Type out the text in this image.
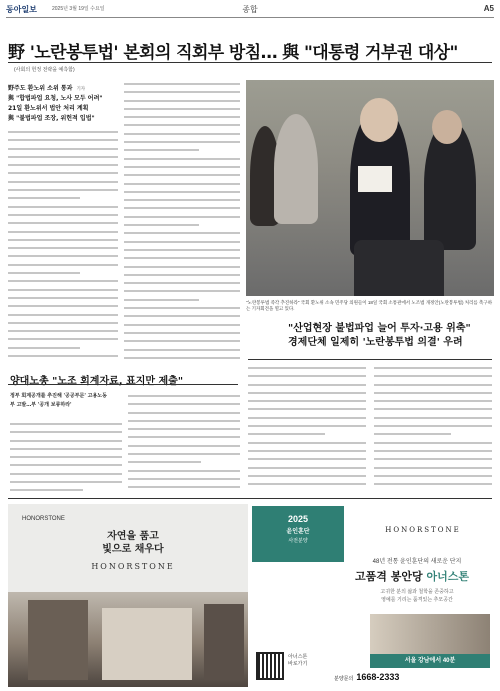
동아일보	2025년 3월 19일 수요일	종합	A5
野 '노란봉투법' 본회의 직회부 방침… 與 "대통령 거부권 대상"
(사회의 헌정 전략을 예측함)
野주도 환노위 소위 통과 기자
與 "합법파업 요청, 노사 모두 어려"
21일 환노위서 법안 처리 계획
與 "불법파업 조장, 위헌적 입법"
"노란봉투법 즉각 추진하라" 국회 환노위 소속 민주당 의원들이 18일 국회 소통관에서 노조법 개정안(노란봉투법) 처리를 촉구하는 기자회견을 열고 있다.
"산업현장 불법파업 늘어 투자·고용 위축"
경제단체 일제히 '노란봉투법 의결' 우려
양대노총 "노조 회계자료, 표지만 제출"
정부 회계공개를 추진해 '공공부문' 고용노동부 고발…부 '공개 보류하라'
HONORSTONE
자연을 품고
빛으로 채우다
HONORSTONE
2025
윤인훈단
사전분양
HONORSTONE
48년 전통 윤인훈단의 새로운 단지
고품격 봉안당 아너스톤
고귀한 분의 삶과 철학을 존중하고
영예를 기리는 품격있는 추모공간
서울 강남에서 40분
아너스톤
바로가기
분양문의 1668-2333
